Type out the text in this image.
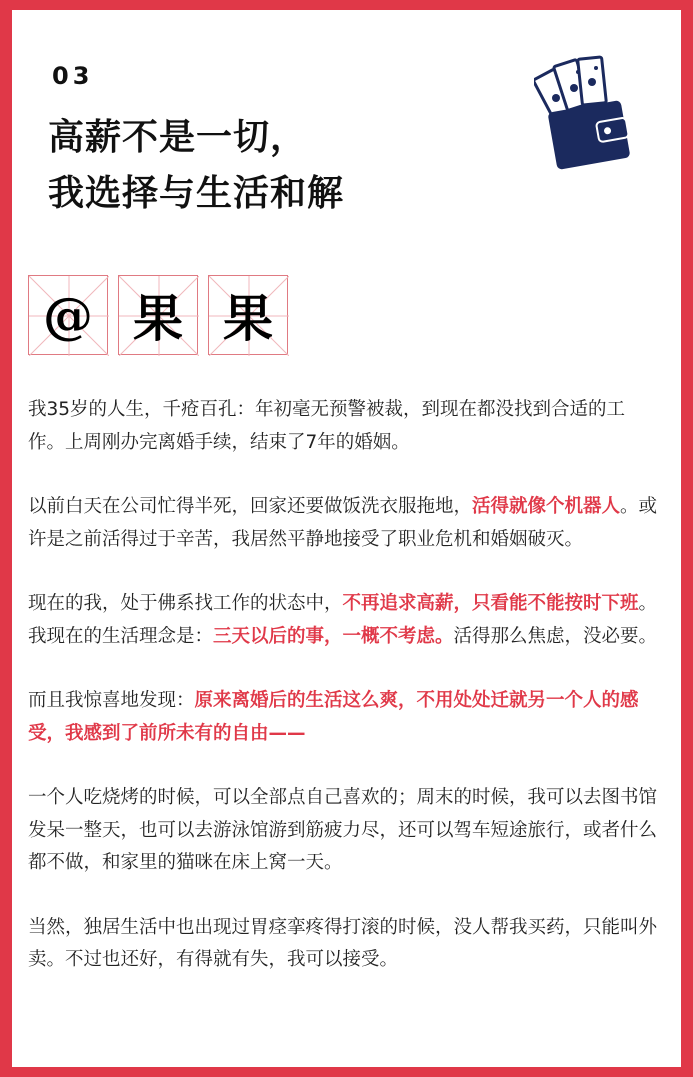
03
高薪不是一切，
我选择与生活和解
@ 果 果

我35岁的人生，千疮百孔：年初毫无预警被裁，到现在都没找到合适的工作。上周刚办完离婚手续，结束了7年的婚姻。

以前白天在公司忙得半死，回家还要做饭洗衣服拖地，活得就像个机器人。或许是之前活得过于辛苦，我居然平静地接受了职业危机和婚姻破灭。

现在的我，处于佛系找工作的状态中，不再追求高薪，只看能不能按时下班。我现在的生活理念是：三天以后的事，一概不考虑。活得那么焦虑，没必要。

而且我惊喜地发现：原来离婚后的生活这么爽，不用处处迁就另一个人的感受，我感到了前所未有的自由——

一个人吃烧烤的时候，可以全部点自己喜欢的；周末的时候，我可以去图书馆发呆一整天，也可以去游泳馆游到筋疲力尽，还可以驾车短途旅行，或者什么都不做，和家里的猫咪在床上窝一天。

当然，独居生活中也出现过胃痉挛疼得打滚的时候，没人帮我买药，只能叫外卖。不过也还好，有得就有失，我可以接受。
